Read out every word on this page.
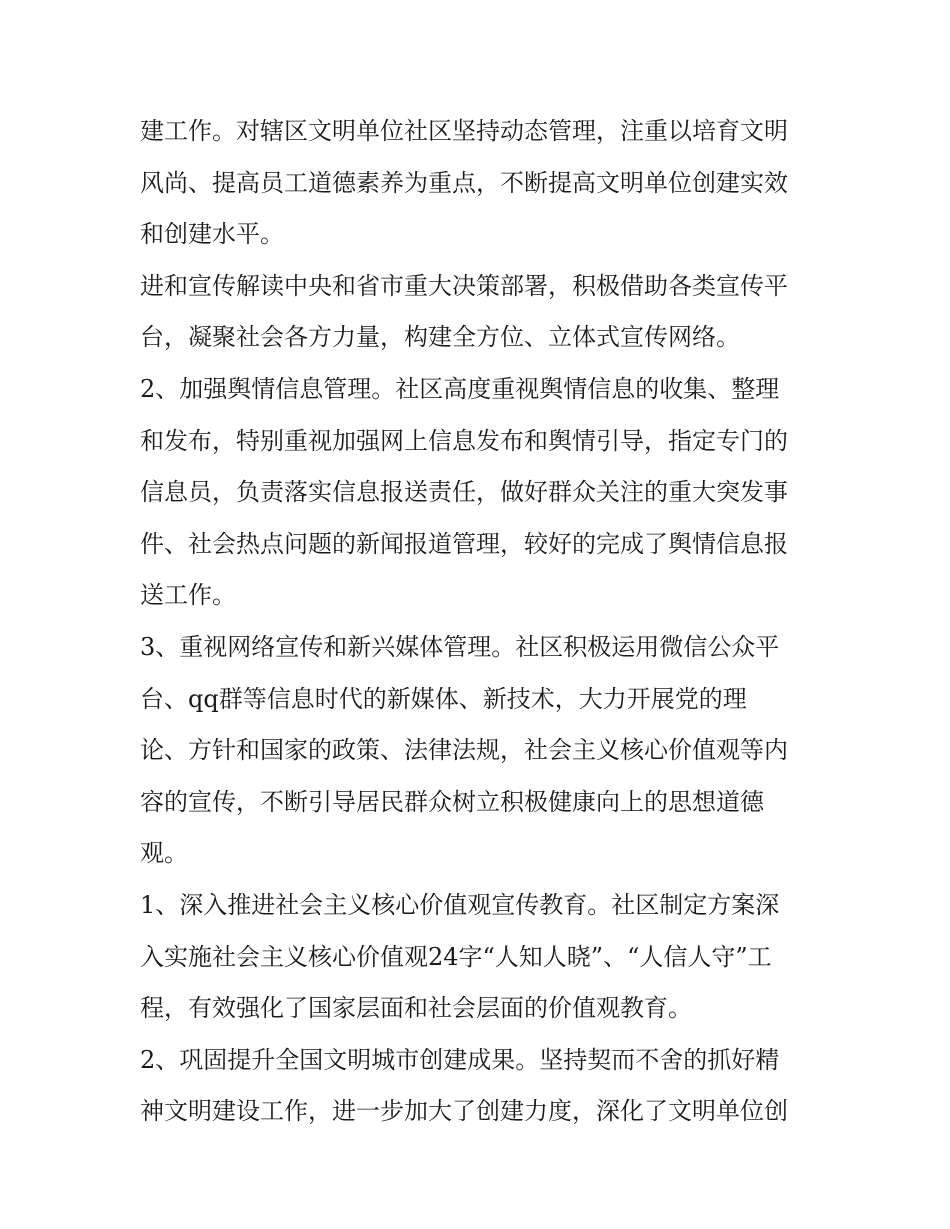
建工作。对辖区文明单位社区坚持动态管理，注重以培育文明
风尚、提高员工道德素养为重点，不断提高文明单位创建实效
和创建水平。
进和宣传解读中央和省市重大决策部署，积极借助各类宣传平
台，凝聚社会各方力量，构建全方位、立体式宣传网络。
2、加强舆情信息管理。社区高度重视舆情信息的收集、整理
和发布，特别重视加强网上信息发布和舆情引导，指定专门的
信息员，负责落实信息报送责任，做好群众关注的重大突发事
件、社会热点问题的新闻报道管理，较好的完成了舆情信息报
送工作。
3、重视网络宣传和新兴媒体管理。社区积极运用微信公众平
台、qq群等信息时代的新媒体、新技术，大力开展党的理
论、方针和国家的政策、法律法规，社会主义核心价值观等内
容的宣传，不断引导居民群众树立积极健康向上的思想道德
观。
1、深入推进社会主义核心价值观宣传教育。社区制定方案深
入实施社会主义核心价值观24字“人知人晓”、“人信人守”工
程，有效强化了国家层面和社会层面的价值观教育。
2、巩固提升全国文明城市创建成果。坚持契而不舍的抓好精
神文明建设工作，进一步加大了创建力度，深化了文明单位创
